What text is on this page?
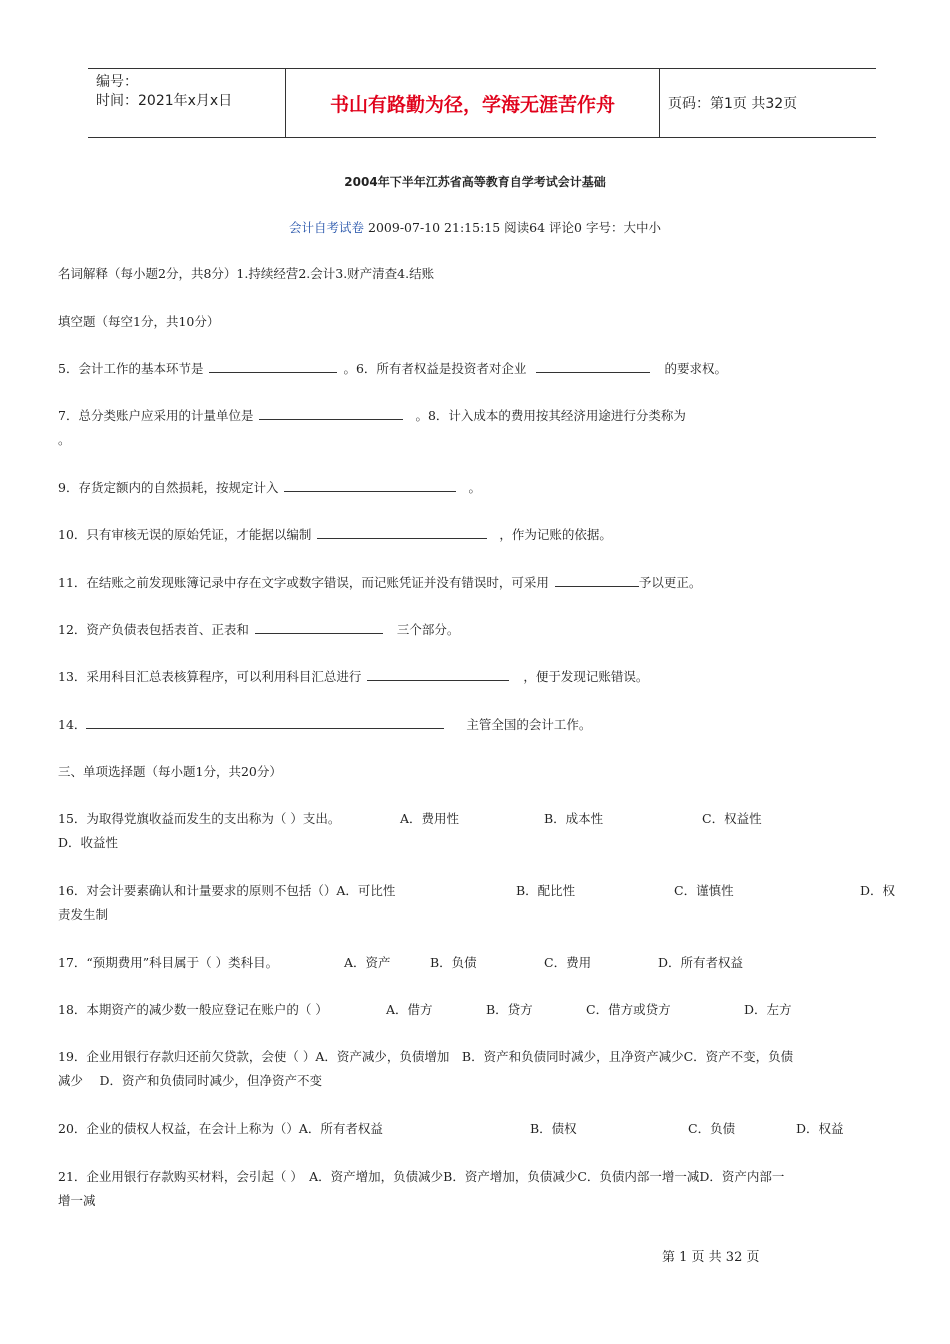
编号：
时间：2021年x月x日	书山有路勤为径，学海无涯苦作舟	页码：第1页 共32页
2004年下半年江苏省高等教育自学考试会计基础
会计自考试卷 2009-07-10 21:15:15 阅读64 评论0 字号：大中小
名词解释（每小题2分，共8分）1.持续经营2.会计3.财产清查4.结账
填空题（每空1分，共10分）
5．会计工作的基本环节是	。6．所有者权益是投资者对企业	的要求权。
7．总分类账户应采用的计量单位是	。8．计入成本的费用按其经济用途进行分类称为
。
9．存货定额内的自然损耗，按规定计入	。
10．只有审核无误的原始凭证，才能据以编制	，作为记账的依据。
11．在结账之前发现账簿记录中存在文字或数字错误，而记账凭证并没有错误时，可采用	予以更正。
12．资产负债表包括表首、正表和	三个部分。
13．采用科目汇总表核算程序，可以利用科目汇总进行	，便于发现记账错误。
14．	主管全国的会计工作。
三、单项选择题（每小题1分，共20分）
15．为取得党旗收益而发生的支出称为（ ）支出。	A．费用性	B．成本性	C．权益性
D．收益性
16．对会计要素确认和计量要求的原则不包括（）A．可比性	B．配比性	C．谨慎性	D．权
责发生制
17．“预期费用”科目属于（ ）类科目。	A．资产	B．负债	C．费用	D．所有者权益
18．本期资产的减少数一般应登记在账户的（ ）	A．借方	B．贷方	C．借方或贷方	D．左方
19．企业用银行存款归还前欠贷款，会使（ ）A．资产减少，负债增加　B．资产和负债同时减少，且净资产减少C．资产不变，负债
减少　 D．资产和负债同时减少，但净资产不变
20．企业的债权人权益，在会计上称为（）A．所有者权益	B．债权	C．负债	D．权益
21．企业用银行存款购买材料，会引起（ ）　A．资产增加，负债减少B．资产增加，负债减少C．负债内部一增一减D．资产内部一
增一减
第 1 页 共 32 页
